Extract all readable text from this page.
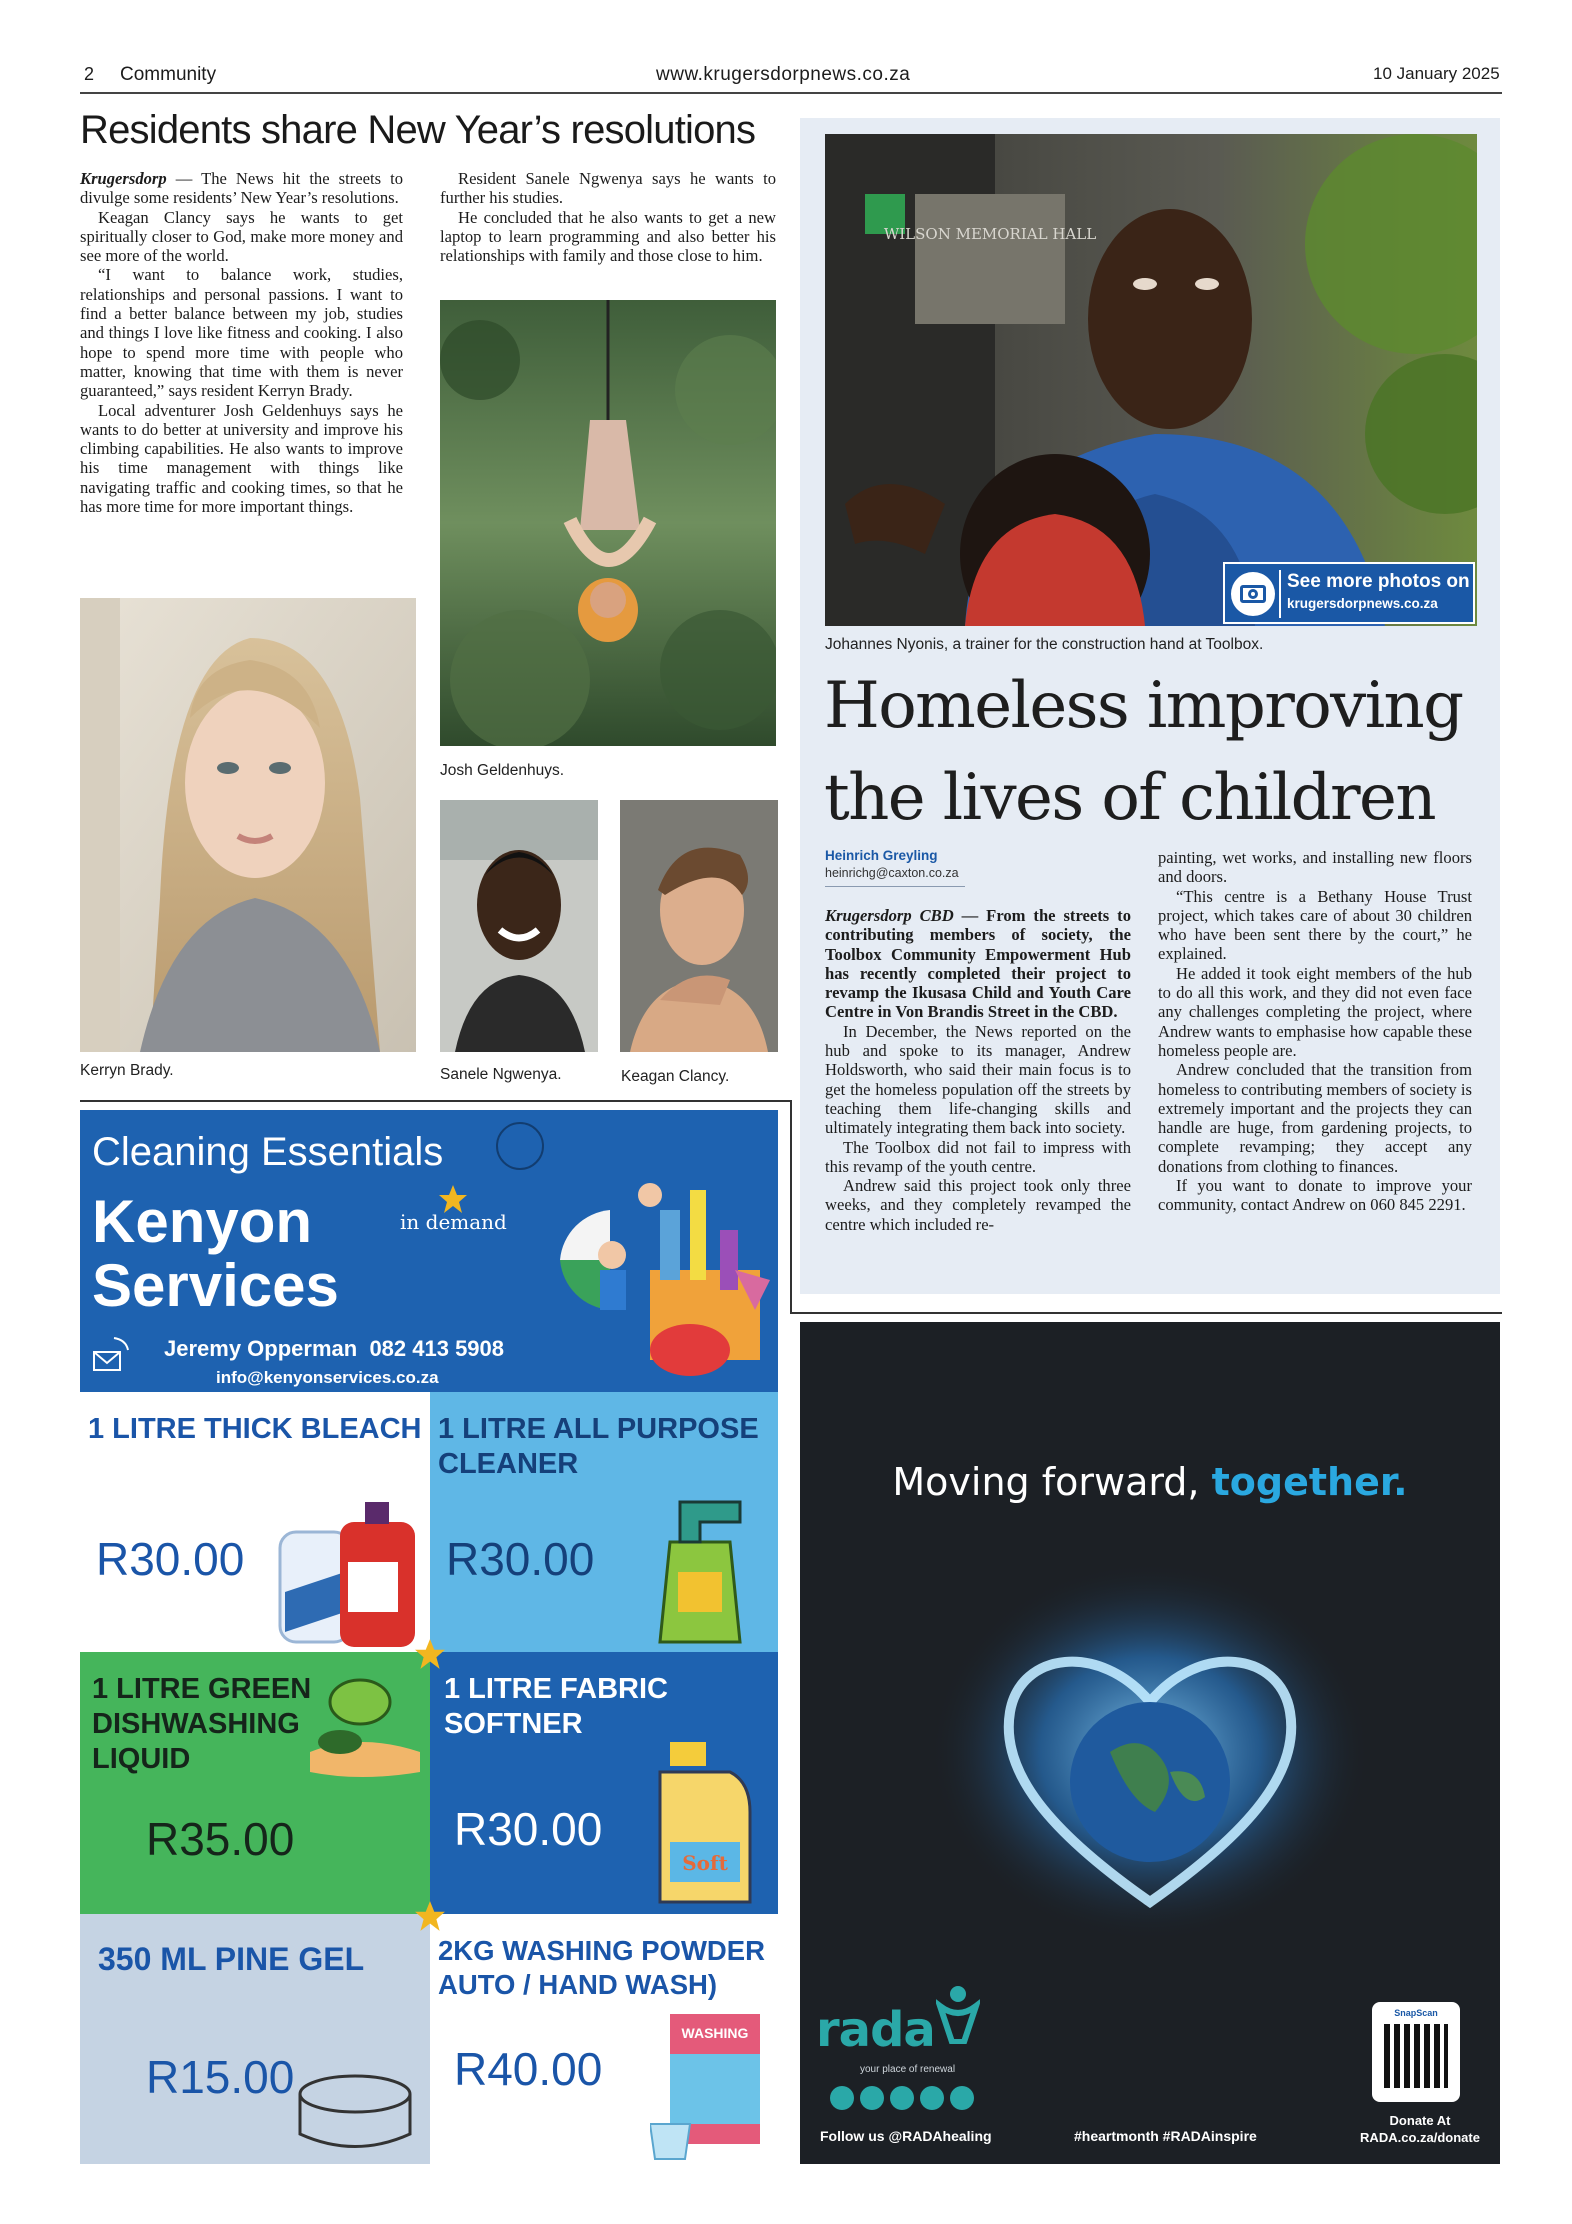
2 Community	www.krugersdorpnews.co.za	10 January 2025
Residents share New Year’s resolutions

Krugersdorp — The News hit the streets to divulge some residents’ New Year’s resolutions.

Keagan Clancy says he wants to get spiritually closer to God, make more money and see more of the world.

“I want to balance work, studies, relationships and personal passions. I want to find a better balance between my job, studies and things I love like fitness and cooking. I also hope to spend more time with people who matter, knowing that time with them is never guaranteed,” says resident Kerryn Brady.

Local adventurer Josh Geldenhuys says he wants to do better at university and improve his climbing capabilities. He also wants to improve his time management with things like navigating traffic and cooking times, so that he has more time for more important things.

Resident Sanele Ngwenya says he wants to further his studies.

He concluded that he also wants to get a new laptop to learn programming and also better his relationships with family and those close to him.

Kerryn Brady.
Josh Geldenhuys.
Sanele Ngwenya.	Keagan Clancy.
WILSON MEMORIAL HALL
See more photos on
krugersdorpnews.co.za
Johannes Nyonis, a trainer for the construction hand at Toolbox.
Homeless improving
the lives of children
Heinrich Greyling
heinrichg@caxton.co.za

Krugersdorp CBD — From the streets to contributing members of society, the Toolbox Community Empowerment Hub has recently completed their project to revamp the Ikusasa Child and Youth Care Centre in Von Brandis Street in the CBD.

In December, the News reported on the hub and spoke to its manager, Andrew Holdsworth, who said their main focus is to get the homeless population off the streets by teaching them life-changing skills and ultimately integrating them back into society.

The Toolbox did not fail to impress with this revamp of the youth centre.

Andrew said this project took only three weeks, and they completely revamped the centre which included re-

painting, wet works, and installing new floors and doors.

“This centre is a Bethany House Trust project, which takes care of about 30 children who have been sent there by the court,” he explained.

He added it took eight members of the hub to do all this work, and they did not even face any challenges completing the project, where Andrew wants to emphasise how capable these homeless people are.

Andrew concluded that the transition from homeless to contributing members of society is extremely important and the projects they can handle are huge, from gardening projects, to complete revamping; they accept any donations from clothing to finances.

If you want to donate to improve your community, contact Andrew on 060 845 2291.

Cleaning Essentials
Kenyon
Services
in demand
Jeremy Opperman 082 413 5908
info@kenyonservices.co.za
1 LITRE THICK BLEACH
R30.00
1 LITRE ALL PURPOSE CLEANER
R30.00
1 LITRE GREEN DISHWASHING LIQUID
R35.00
1 LITRE FABRIC SOFTNER
R30.00
Soft
350 ML PINE GEL
R15.00
2KG WASHING POWDER AUTO / HAND WASH)
R40.00
WASHING
Moving forward, together.
rada
your place of renewal
Follow us @RADAhealing	#heartmonth #RADAinspire
SnapScan
Donate At
RADA.co.za/donate
